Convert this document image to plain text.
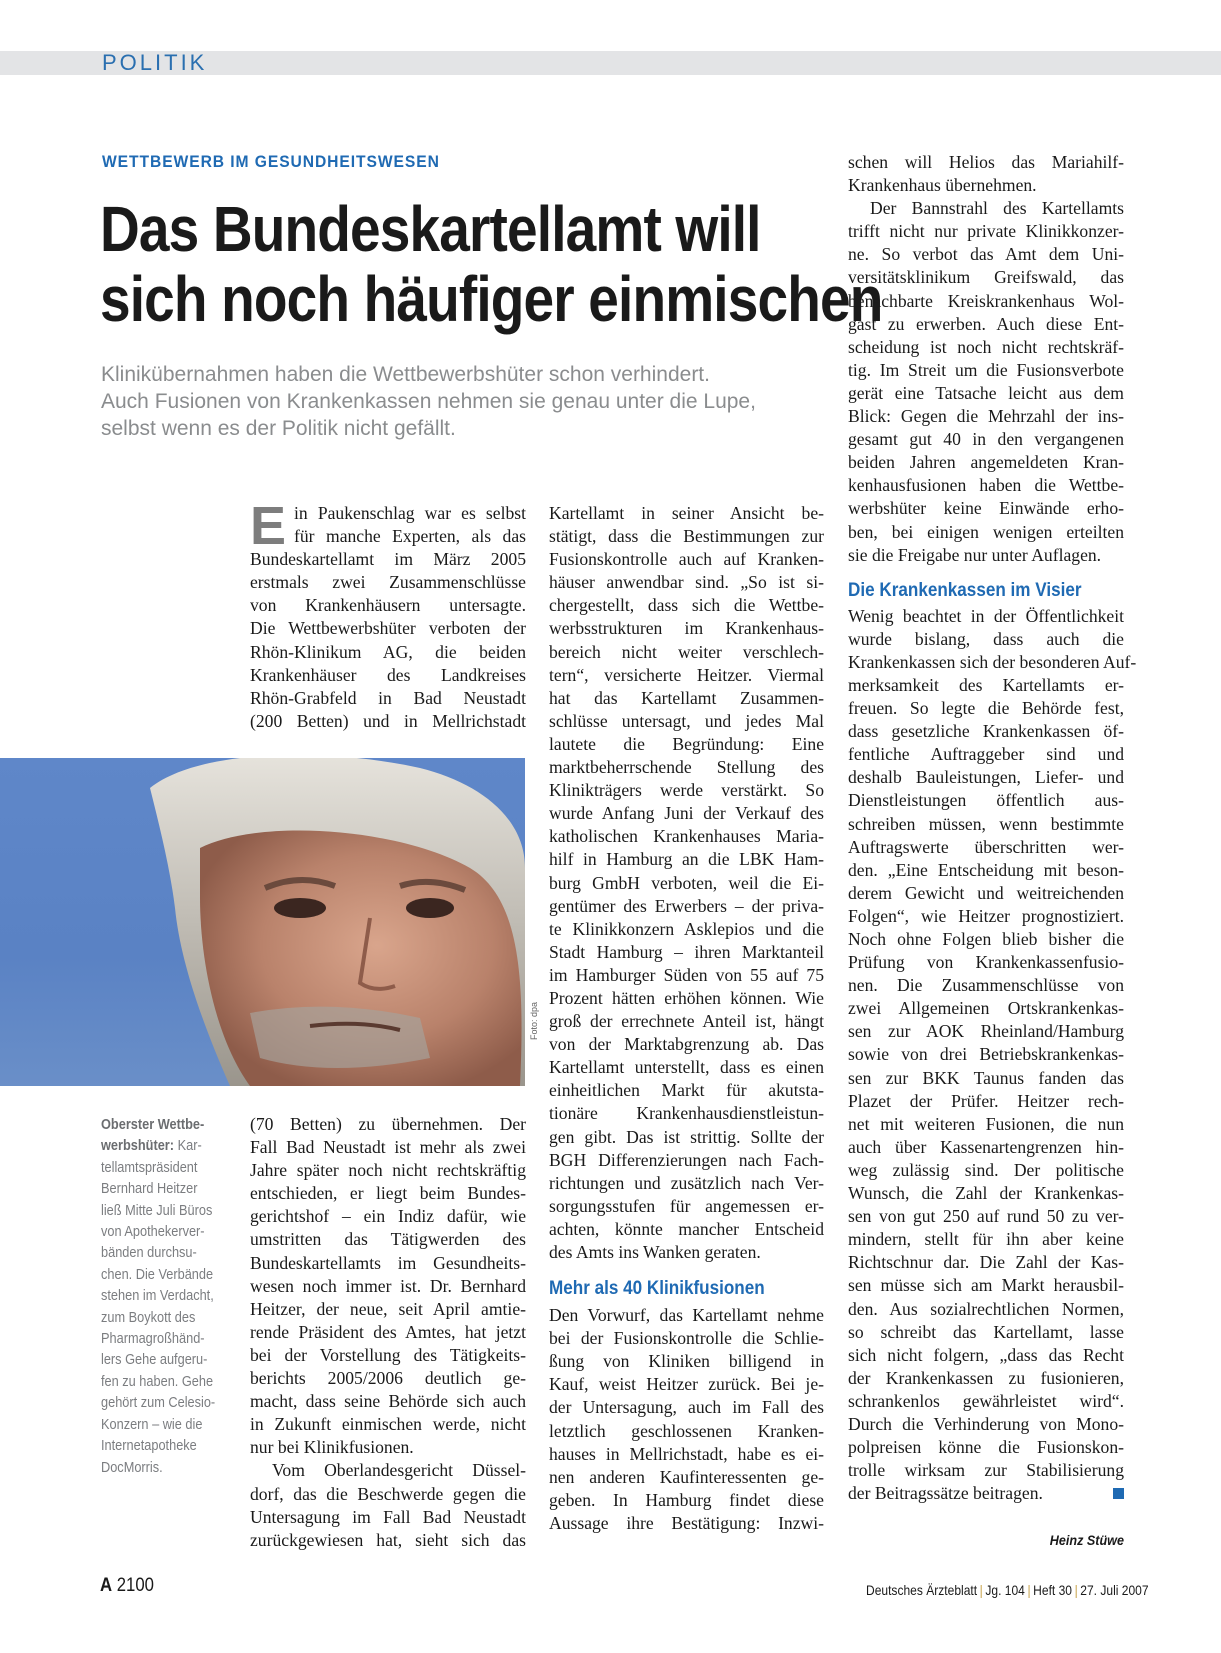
POLITIK
WETTBEWERB IM GESUNDHEITSWESEN
Das Bundeskartellamt will
sich noch häufiger einmischen
Klinikübernahmen haben die Wettbewerbshüter schon verhindert.
Auch Fusionen von Krankenkassen nehmen sie genau unter die Lupe,
selbst wenn es der Politik nicht gefällt.
E in Paukenschlag war es selbst
für manche Experten, als das
Bundeskartellamt im März 2005
erstmals zwei Zusammenschlüsse
von Krankenhäusern untersagte.
Die Wettbewerbshüter verboten der
Rhön-Klinikum AG, die beiden
Krankenhäuser des Landkreises
Rhön-Grabfeld in Bad Neustadt
(200 Betten) und in Mellrichstadt
Foto: dpa
Oberster Wettbe-
werbshüter: Kar-
tellamtspräsident
Bernhard Heitzer
ließ Mitte Juli Büros
von Apothekerver-
bänden durchsu-
chen. Die Verbände
stehen im Verdacht,
zum Boykott des
Pharmagroßhänd-
lers Gehe aufgeru-
fen zu haben. Gehe
gehört zum Celesio-
Konzern – wie die
Internetapotheke
DocMorris.
(70 Betten) zu übernehmen. Der
Fall Bad Neustadt ist mehr als zwei
Jahre später noch nicht rechtskräftig
entschieden, er liegt beim Bundes-
gerichtshof – ein Indiz dafür, wie
umstritten das Tätigwerden des
Bundeskartellamts im Gesundheits-
wesen noch immer ist. Dr. Bernhard
Heitzer, der neue, seit April amtie-
rende Präsident des Amtes, hat jetzt
bei der Vorstellung des Tätigkeits-
berichts 2005/2006 deutlich ge-
macht, dass seine Behörde sich auch
in Zukunft einmischen werde, nicht
nur bei Klinikfusionen.
Vom Oberlandesgericht Düssel-
dorf, das die Beschwerde gegen die
Untersagung im Fall Bad Neustadt
zurückgewiesen hat, sieht sich das
Kartellamt in seiner Ansicht be-
stätigt, dass die Bestimmungen zur
Fusionskontrolle auch auf Kranken-
häuser anwendbar sind. „So ist si-
chergestellt, dass sich die Wettbe-
werbsstrukturen im Krankenhaus-
bereich nicht weiter verschlech-
tern“, versicherte Heitzer. Viermal
hat das Kartellamt Zusammen-
schlüsse untersagt, und jedes Mal
lautete die Begründung: Eine
marktbeherrschende Stellung des
Klinikträgers werde verstärkt. So
wurde Anfang Juni der Verkauf des
katholischen Krankenhauses Maria-
hilf in Hamburg an die LBK Ham-
burg GmbH verboten, weil die Ei-
gentümer des Erwerbers – der priva-
te Klinikkonzern Asklepios und die
Stadt Hamburg – ihren Marktanteil
im Hamburger Süden von 55 auf 75
Prozent hätten erhöhen können. Wie
groß der errechnete Anteil ist, hängt
von der Marktabgrenzung ab. Das
Kartellamt unterstellt, dass es einen
einheitlichen Markt für akutsta-
tionäre Krankenhausdienstleistun-
gen gibt. Das ist strittig. Sollte der
BGH Differenzierungen nach Fach-
richtungen und zusätzlich nach Ver-
sorgungsstufen für angemessen er-
achten, könnte mancher Entscheid
des Amts ins Wanken geraten.
Mehr als 40 Klinikfusionen
Den Vorwurf, das Kartellamt nehme
bei der Fusionskontrolle die Schlie-
ßung von Kliniken billigend in
Kauf, weist Heitzer zurück. Bei je-
der Untersagung, auch im Fall des
letztlich geschlossenen Kranken-
hauses in Mellrichstadt, habe es ei-
nen anderen Kaufinteressenten ge-
geben. In Hamburg findet diese
Aussage ihre Bestätigung: Inzwi-
schen will Helios das Mariahilf-
Krankenhaus übernehmen.
Der Bannstrahl des Kartellamts
trifft nicht nur private Klinikkonzer-
ne. So verbot das Amt dem Uni-
versitätsklinikum Greifswald, das
benachbarte Kreiskrankenhaus Wol-
gast zu erwerben. Auch diese Ent-
scheidung ist noch nicht rechtskräf-
tig. Im Streit um die Fusionsverbote
gerät eine Tatsache leicht aus dem
Blick: Gegen die Mehrzahl der ins-
gesamt gut 40 in den vergangenen
beiden Jahren angemeldeten Kran-
kenhausfusionen haben die Wettbe-
werbshüter keine Einwände erho-
ben, bei einigen wenigen erteilten
sie die Freigabe nur unter Auflagen.
Die Krankenkassen im Visier
Wenig beachtet in der Öffentlichkeit
wurde bislang, dass auch die
Krankenkassen sich der besonderen Auf-
merksamkeit des Kartellamts er-
freuen. So legte die Behörde fest,
dass gesetzliche Krankenkassen öf-
fentliche Auftraggeber sind und
deshalb Bauleistungen, Liefer- und
Dienstleistungen öffentlich aus-
schreiben müssen, wenn bestimmte
Auftragswerte überschritten wer-
den. „Eine Entscheidung mit beson-
derem Gewicht und weitreichenden
Folgen“, wie Heitzer prognostiziert.
Noch ohne Folgen blieb bisher die
Prüfung von Krankenkassenfusio-
nen. Die Zusammenschlüsse von
zwei Allgemeinen Ortskrankenkas-
sen zur AOK Rheinland/Hamburg
sowie von drei Betriebskrankenkas-
sen zur BKK Taunus fanden das
Plazet der Prüfer. Heitzer rech-
net mit weiteren Fusionen, die nun
auch über Kassenartengrenzen hin-
weg zulässig sind. Der politische
Wunsch, die Zahl der Krankenkas-
sen von gut 250 auf rund 50 zu ver-
mindern, stellt für ihn aber keine
Richtschnur dar. Die Zahl der Kas-
sen müsse sich am Markt herausbil-
den. Aus sozialrechtlichen Normen,
so schreibt das Kartellamt, lasse
sich nicht folgern, „dass das Recht
der Krankenkassen zu fusionieren,
schrankenlos gewährleistet wird“.
Durch die Verhinderung von Mono-
polpreisen könne die Fusionskon-
trolle wirksam zur Stabilisierung
der Beitragssätze beitragen.
Heinz Stüwe
A 2100	Deutsches Ärzteblatt | Jg. 104 | Heft 30 | 27. Juli 2007
